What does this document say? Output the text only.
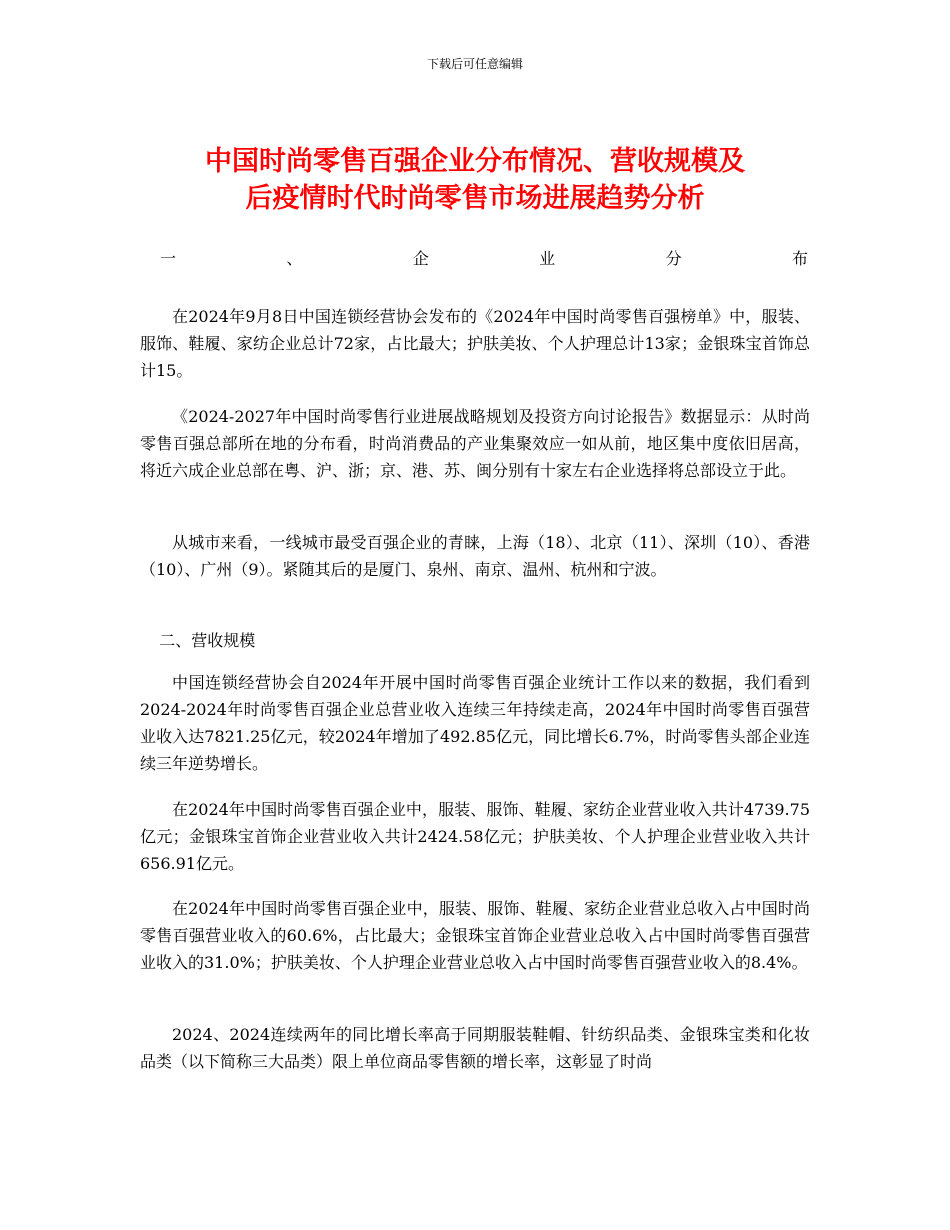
下载后可任意编辑
中国时尚零售百强企业分布情况、营收规模及
后疫情时代时尚零售市场进展趋势分析
一	、	企	业	分	布

在2024年9月8日中国连锁经营协会发布的《2024年中国时尚零售百强榜单》中，服装、服饰、鞋履、家纺企业总计72家，占比最大；护肤美妆、个人护理总计13家；金银珠宝首饰总计15。

《2024-2027年中国时尚零售行业进展战略规划及投资方向讨论报告》数据显示：从时尚零售百强总部所在地的分布看，时尚消费品的产业集聚效应一如从前，地区集中度依旧居高，将近六成企业总部在粤、沪、浙；京、港、苏、闽分别有十家左右企业选择将总部设立于此。

从城市来看，一线城市最受百强企业的青睐，上海（18）、北京（11）、深圳（10）、香港（10）、广州（9）。紧随其后的是厦门、泉州、南京、温州、杭州和宁波。

二、营收规模

中国连锁经营协会自2024年开展中国时尚零售百强企业统计工作以来的数据，我们看到2024-2024年时尚零售百强企业总营业收入连续三年持续走高，2024年中国时尚零售百强营业收入达7821.25亿元，较2024年增加了492.85亿元，同比增长6.7%，时尚零售头部企业连续三年逆势增长。

在2024年中国时尚零售百强企业中，服装、服饰、鞋履、家纺企业营业收入共计4739.75亿元；金银珠宝首饰企业营业收入共计2424.58亿元；护肤美妆、个人护理企业营业收入共计656.91亿元。

在2024年中国时尚零售百强企业中，服装、服饰、鞋履、家纺企业营业总收入占中国时尚零售百强营业收入的60.6%，占比最大；金银珠宝首饰企业营业总收入占中国时尚零售百强营业收入的31.0%；护肤美妆、个人护理企业营业总收入占中国时尚零售百强营业收入的8.4%。

2024、2024连续两年的同比增长率高于同期服装鞋帽、针纺织品类、金银珠宝类和化妆品类（以下简称三大品类）限上单位商品零售额的增长率，这彰显了时尚
